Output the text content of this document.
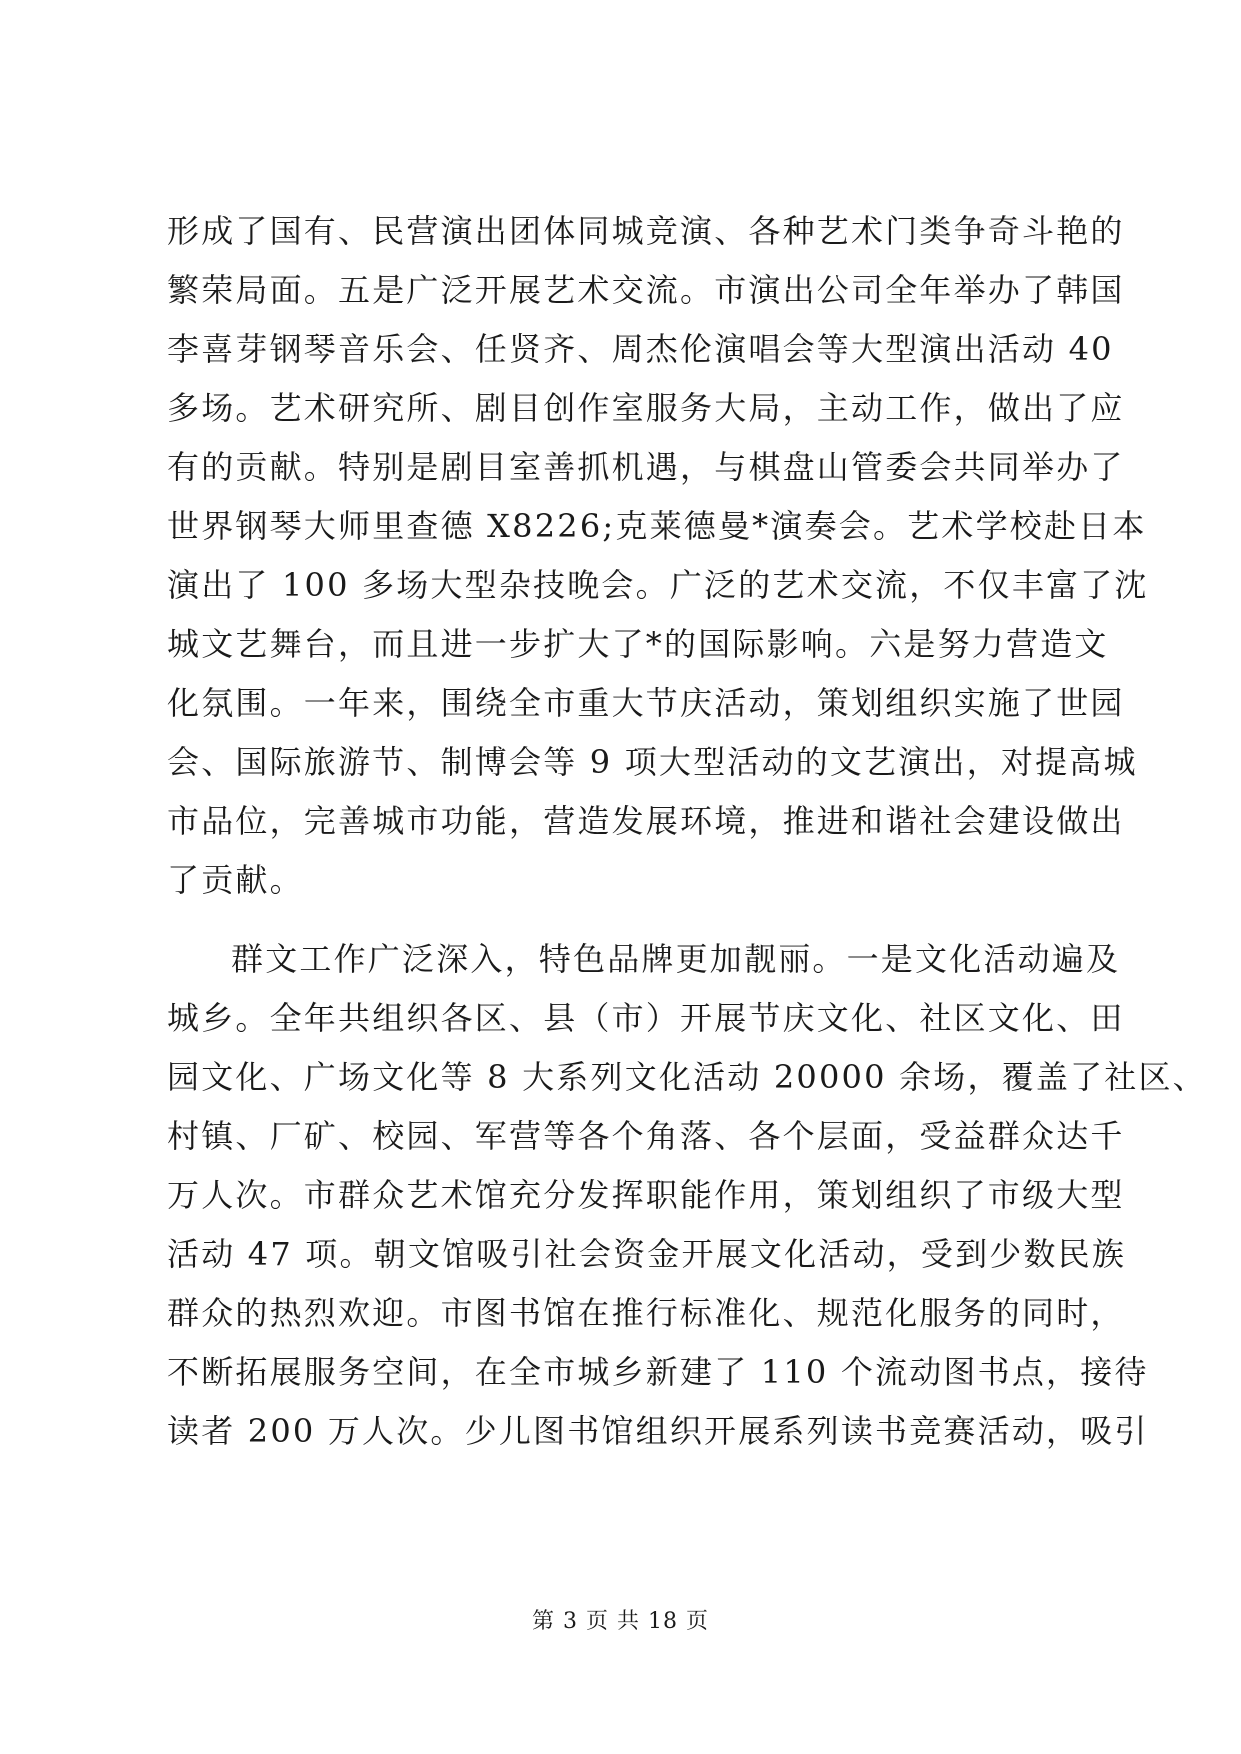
形成了国有、民营演出团体同城竞演、各种艺术门类争奇斗艳的
繁荣局面。五是广泛开展艺术交流。市演出公司全年举办了韩国
李喜芽钢琴音乐会、任贤齐、周杰伦演唱会等大型演出活动 40
多场。艺术研究所、剧目创作室服务大局，主动工作，做出了应
有的贡献。特别是剧目室善抓机遇，与棋盘山管委会共同举办了
世界钢琴大师里查德 X8226;克莱德曼*演奏会。艺术学校赴日本
演出了 100 多场大型杂技晚会。广泛的艺术交流，不仅丰富了沈
城文艺舞台，而且进一步扩大了*的国际影响。六是努力营造文
化氛围。一年来，围绕全市重大节庆活动，策划组织实施了世园
会、国际旅游节、制博会等 9 项大型活动的文艺演出，对提高城
市品位，完善城市功能，营造发展环境，推进和谐社会建设做出
了贡献。
群文工作广泛深入，特色品牌更加靓丽。一是文化活动遍及
城乡。全年共组织各区、县（市）开展节庆文化、社区文化、田
园文化、广场文化等 8 大系列文化活动 20000 余场，覆盖了社区、
村镇、厂矿、校园、军营等各个角落、各个层面，受益群众达千
万人次。市群众艺术馆充分发挥职能作用，策划组织了市级大型
活动 47 项。朝文馆吸引社会资金开展文化活动，受到少数民族
群众的热烈欢迎。市图书馆在推行标准化、规范化服务的同时，
不断拓展服务空间，在全市城乡新建了 110 个流动图书点，接待
读者 200 万人次。少儿图书馆组织开展系列读书竞赛活动，吸引
第 3 页 共 18 页
